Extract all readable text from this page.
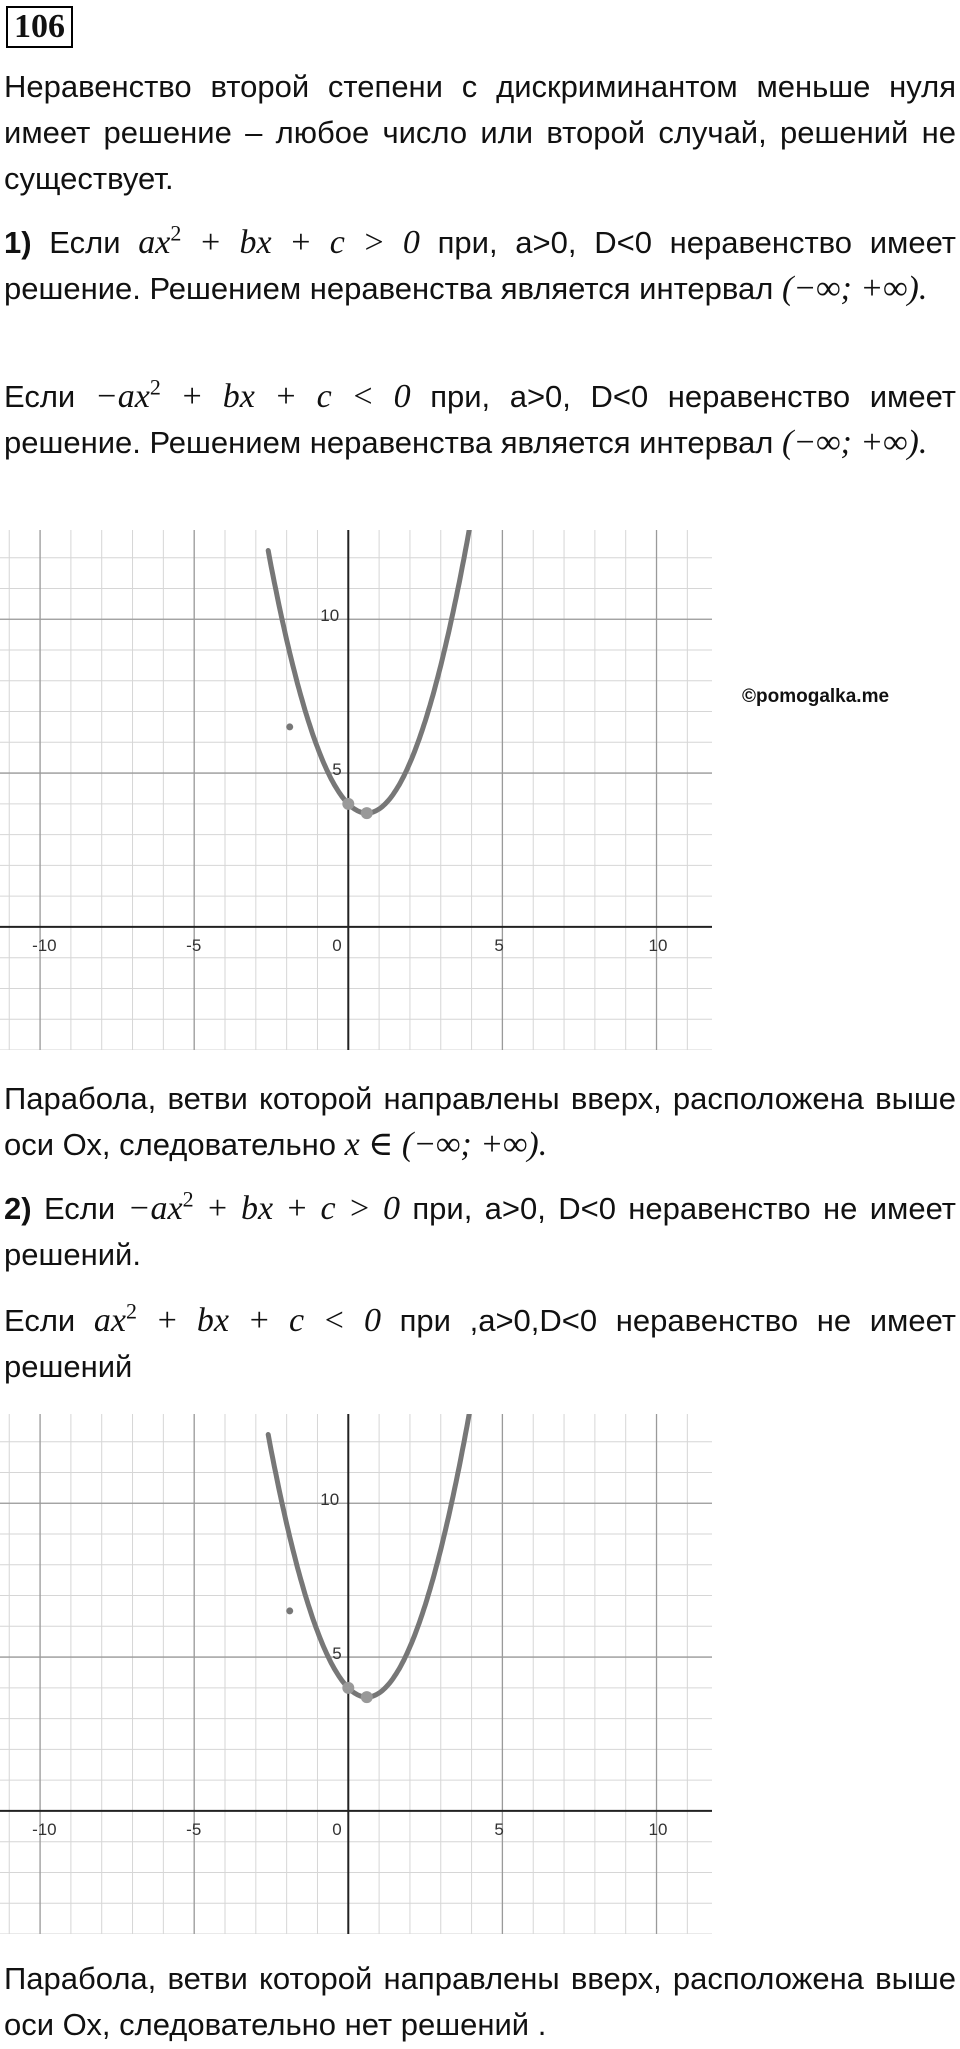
106
Неравенство второй степени с дискриминантом меньше нуля имеет решение – любое число или второй случай, решений не существует.
1) Если $ax^2$ + bx + c > 0 при, a>0, D<0 неравенство имеет решение. Решением неравенства является интервал (−∞; +∞).
Если $-ax^2$ + bx + c < 0 при, a>0, D<0 неравенство имеет решение. Решением неравенства является интервал (−∞; +∞).
-10	-5	0	5	10
5
10
©pomogalka.me
Парабола, ветви которой направлены вверх, расположена выше оси Ох, следовательно x ∈ (−∞; +∞).
2) Если $-ax^2$ + bx + c > 0 при, a>0, D<0 неравенство не имеет решений.
Если $ax^2$ + bx + c < 0 при ,a>0,D<0 неравенство не имеет решений
-10	-5	0	5	10
5
10
Парабола, ветви которой направлены вверх, расположена выше оси Ох, следовательно нет решений .
